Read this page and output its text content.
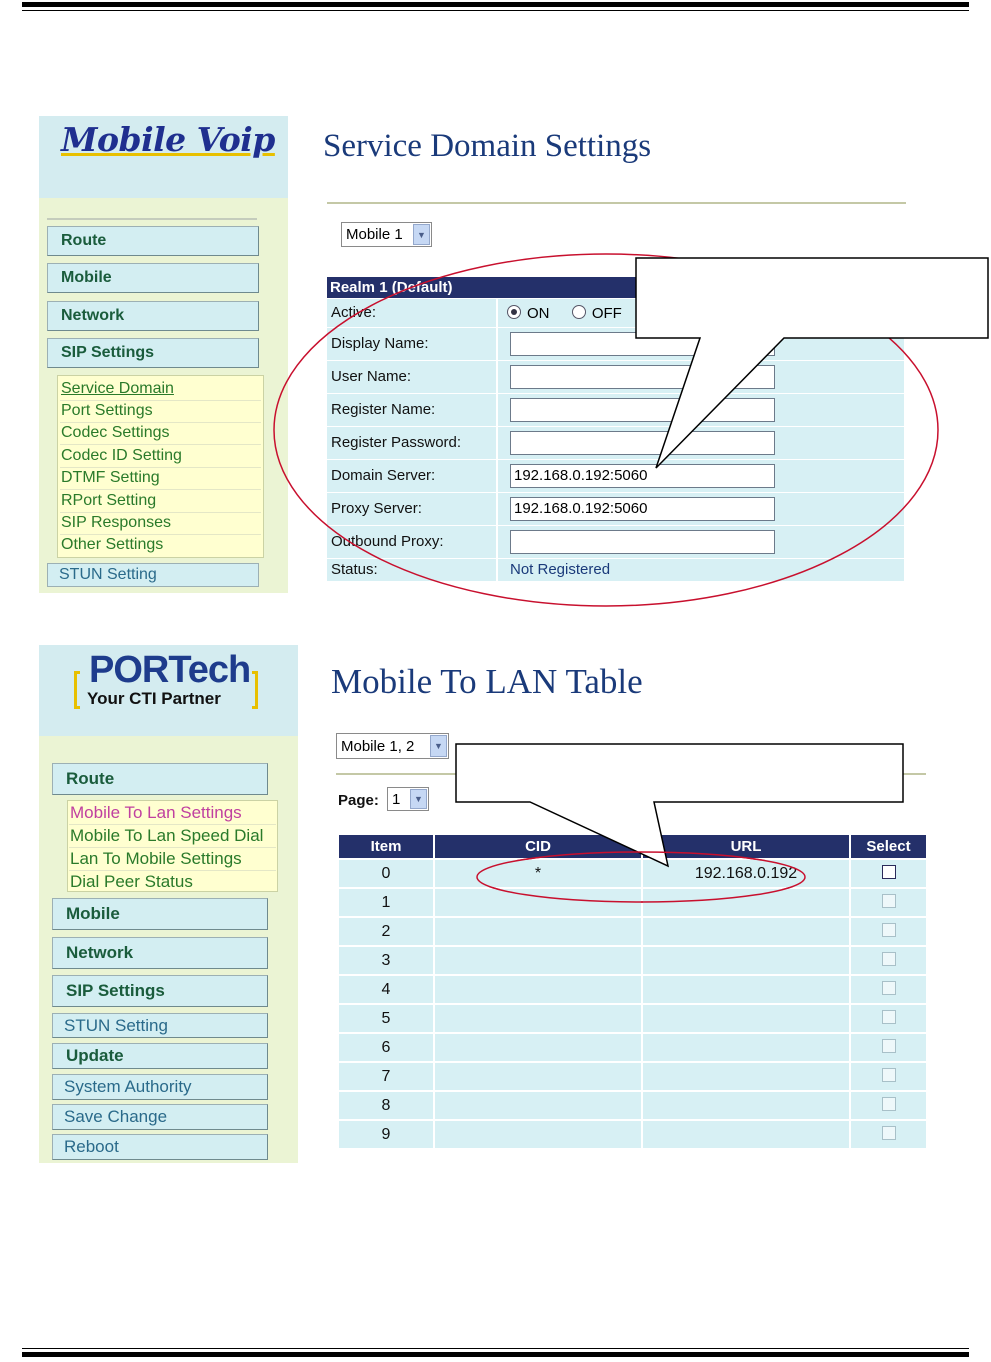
Mobile Voip
Route
Mobile
Network
SIP Settings
Service Domain
Port Settings
Codec Settings
Codec ID Setting
DTMF Setting
RPort Setting
SIP Responses
Other Settings
STUN Setting
Service Domain Settings
Mobile 1	▼
Realm 1 (Default)
Active:	ON	OFF
Display Name:
User Name:
Register Name:
Register Password:
Domain Server:	192.168.0.192:5060
Proxy Server:	192.168.0.192:5060
Outbound Proxy:
Status:	Not Registered
PORTech
Your CTI Partner
Route
Mobile To Lan Settings
Mobile To Lan Speed Dial
Lan To Mobile Settings
Dial Peer Status
Mobile
Network
SIP Settings
STUN Setting
Update
System Authority
Save Change
Reboot
Mobile To LAN Table
Mobile 1, 2	▼
Page: 1	▼
Item	CID	URL	Select
0	*	192.168.0.192
1
2
3
4
5
6
7
8
9
